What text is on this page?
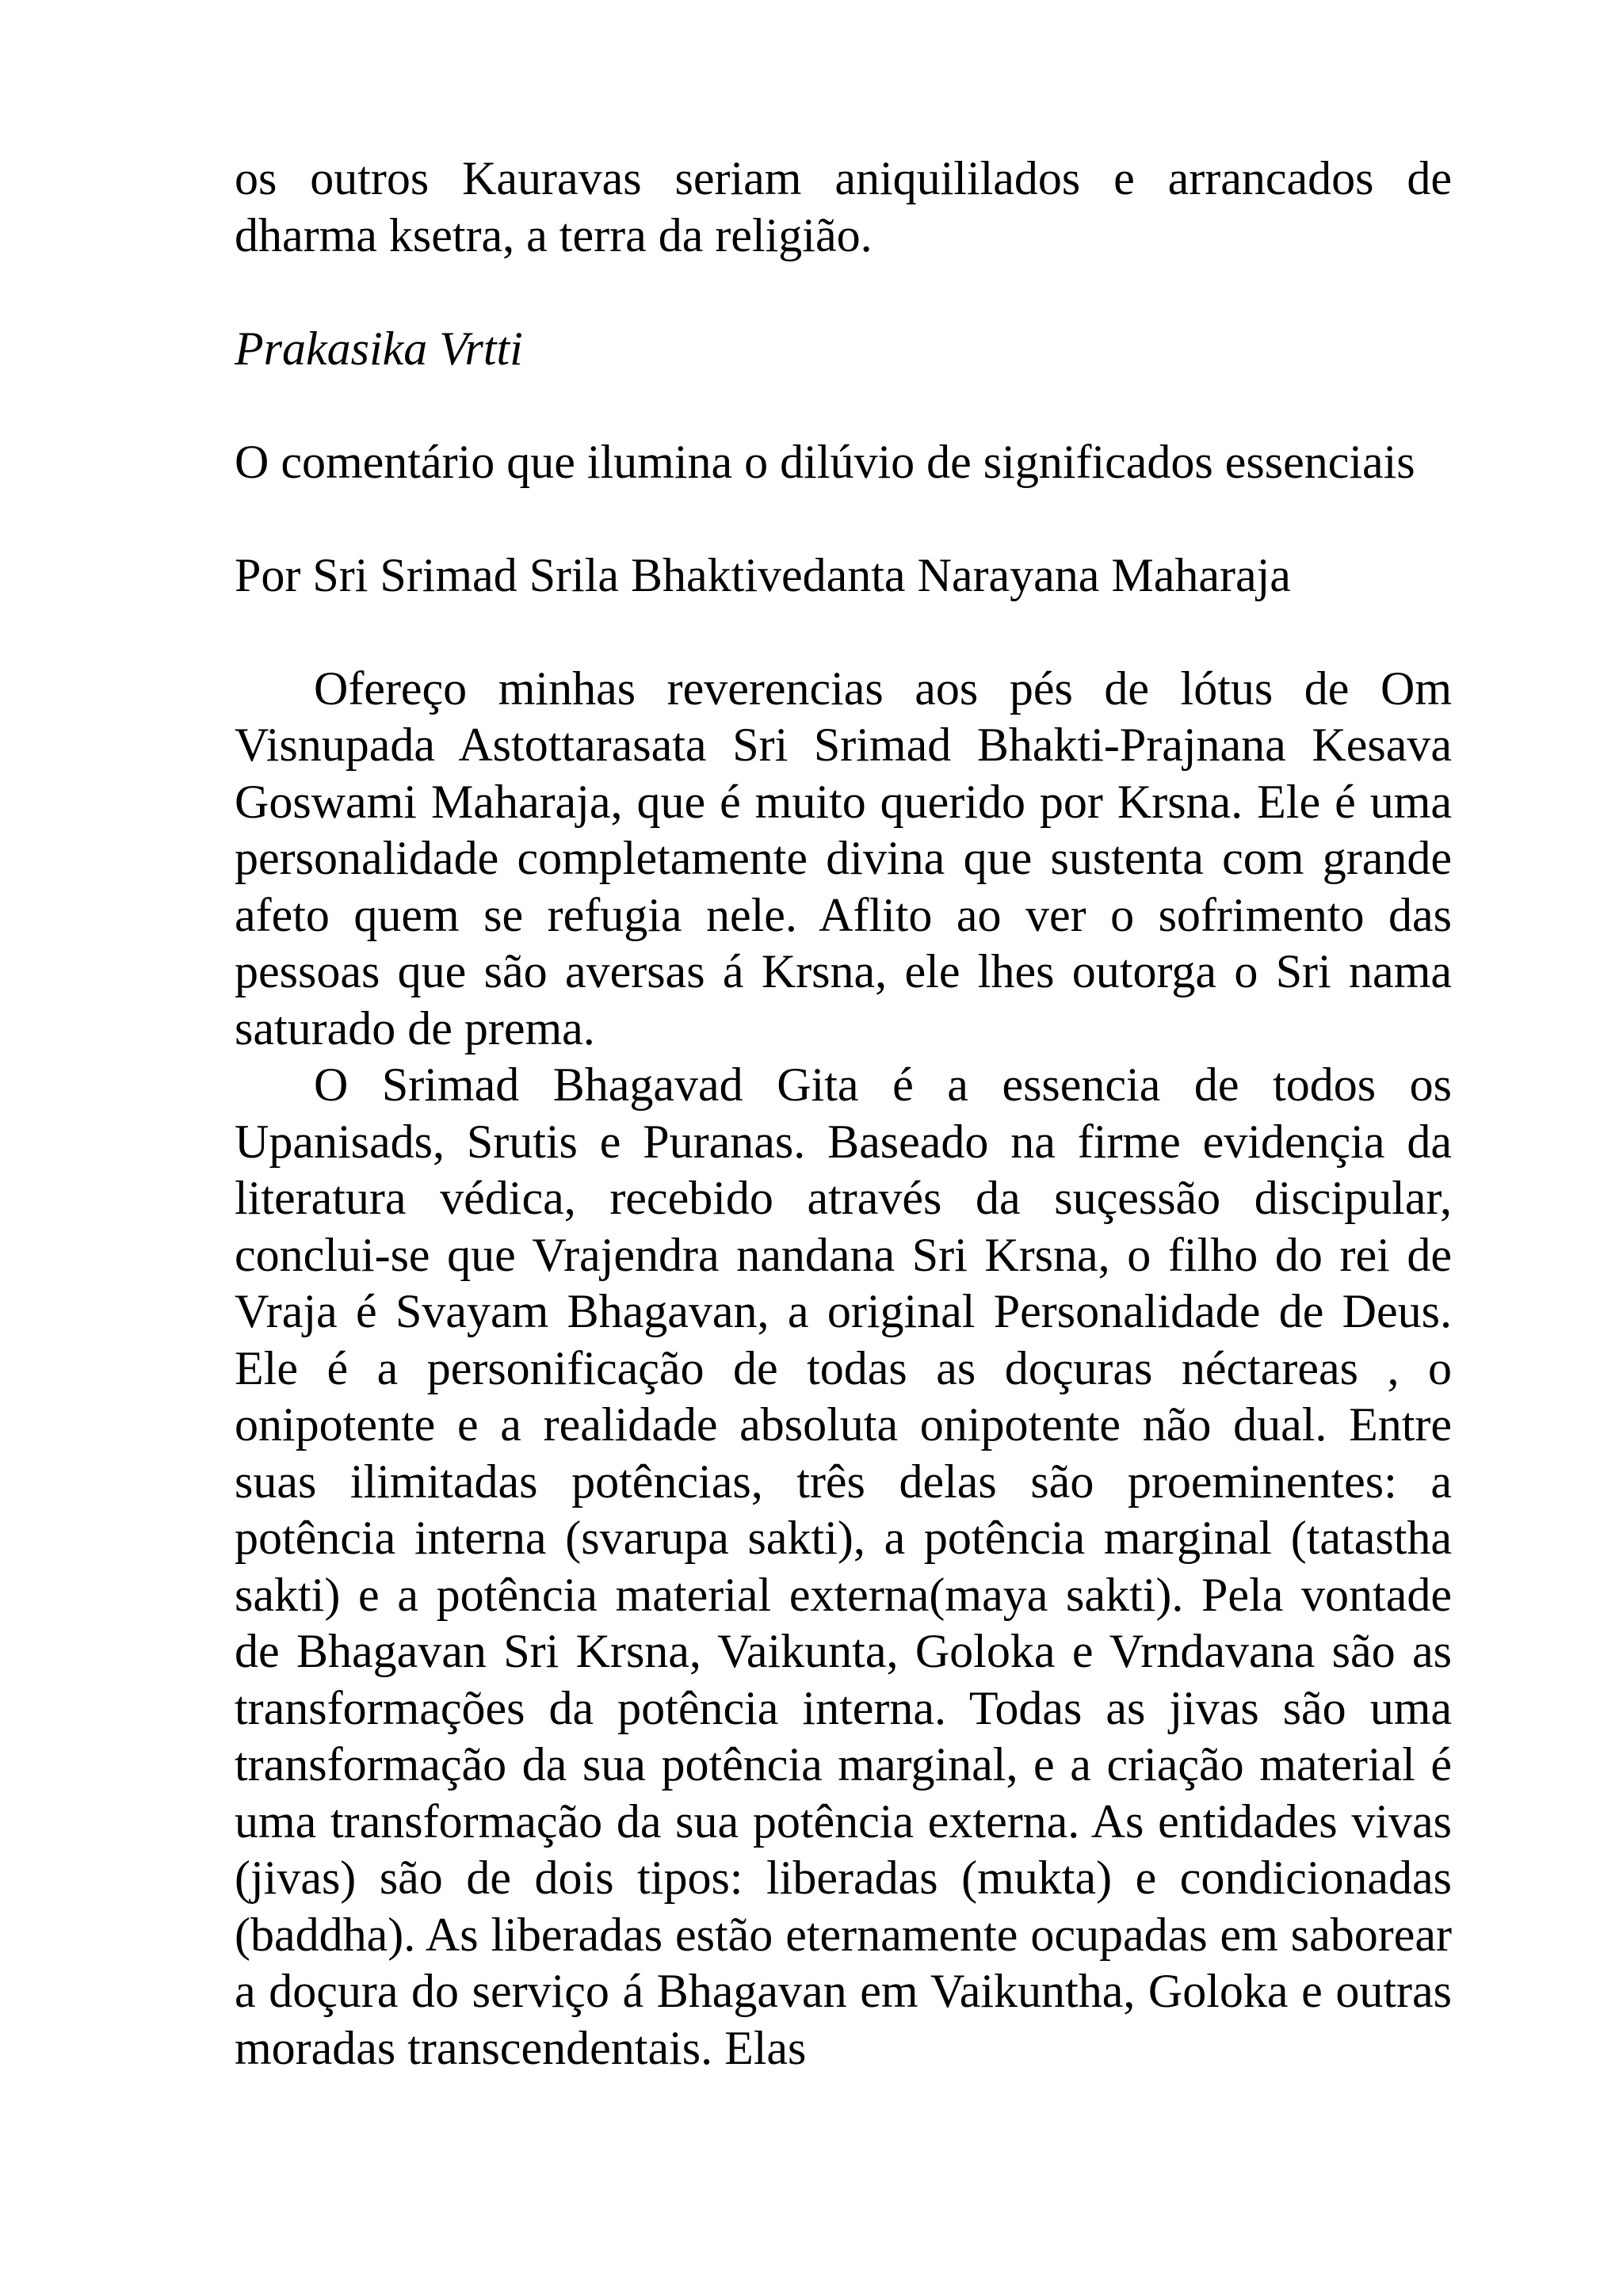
os outros Kauravas seriam aniquililados e arrancados de dharma ksetra, a terra da religião.

Prakasika Vrtti

O comentário que ilumina o dilúvio de significados essenciais

Por Sri Srimad Srila Bhaktivedanta Narayana Maharaja

Ofereço minhas reverencias aos pés de lótus de Om Visnupada Astottarasata Sri Srimad Bhakti-Prajnana Kesava Goswami Maharaja, que é muito querido por Krsna. Ele é uma personalidade completamente divina que sustenta com grande afeto quem se refugia nele. Aflito ao ver o sofrimento das pessoas que são aversas á Krsna, ele lhes outorga o Sri nama saturado de prema.

O Srimad Bhagavad Gita é a essencia de todos os Upanisads, Srutis e Puranas. Baseado na firme evidençia da literatura védica, recebido através da suçessão discipular, conclui-se que Vrajendra nandana Sri Krsna, o filho do rei de Vraja é Svayam Bhagavan, a original Personalidade de Deus. Ele é a personificação de todas as doçuras néctareas , o onipotente e a realidade absoluta onipotente não dual. Entre suas ilimitadas potências, três delas são proeminentes: a potência interna (svarupa sakti), a potência marginal (tatastha sakti) e a potência material externa(maya sakti). Pela vontade de Bhagavan Sri Krsna, Vaikunta, Goloka e Vrndavana são as transformações da potência interna. Todas as jivas são uma transformação da sua potência marginal, e a criação material é uma transformação da sua potência externa. As entidades vivas (jivas) são de dois tipos: liberadas (mukta) e condicionadas (baddha). As liberadas estão eternamente ocupadas em saborear a doçura do serviço á Bhagavan em Vaikuntha, Goloka e outras moradas transcendentais. Elas
